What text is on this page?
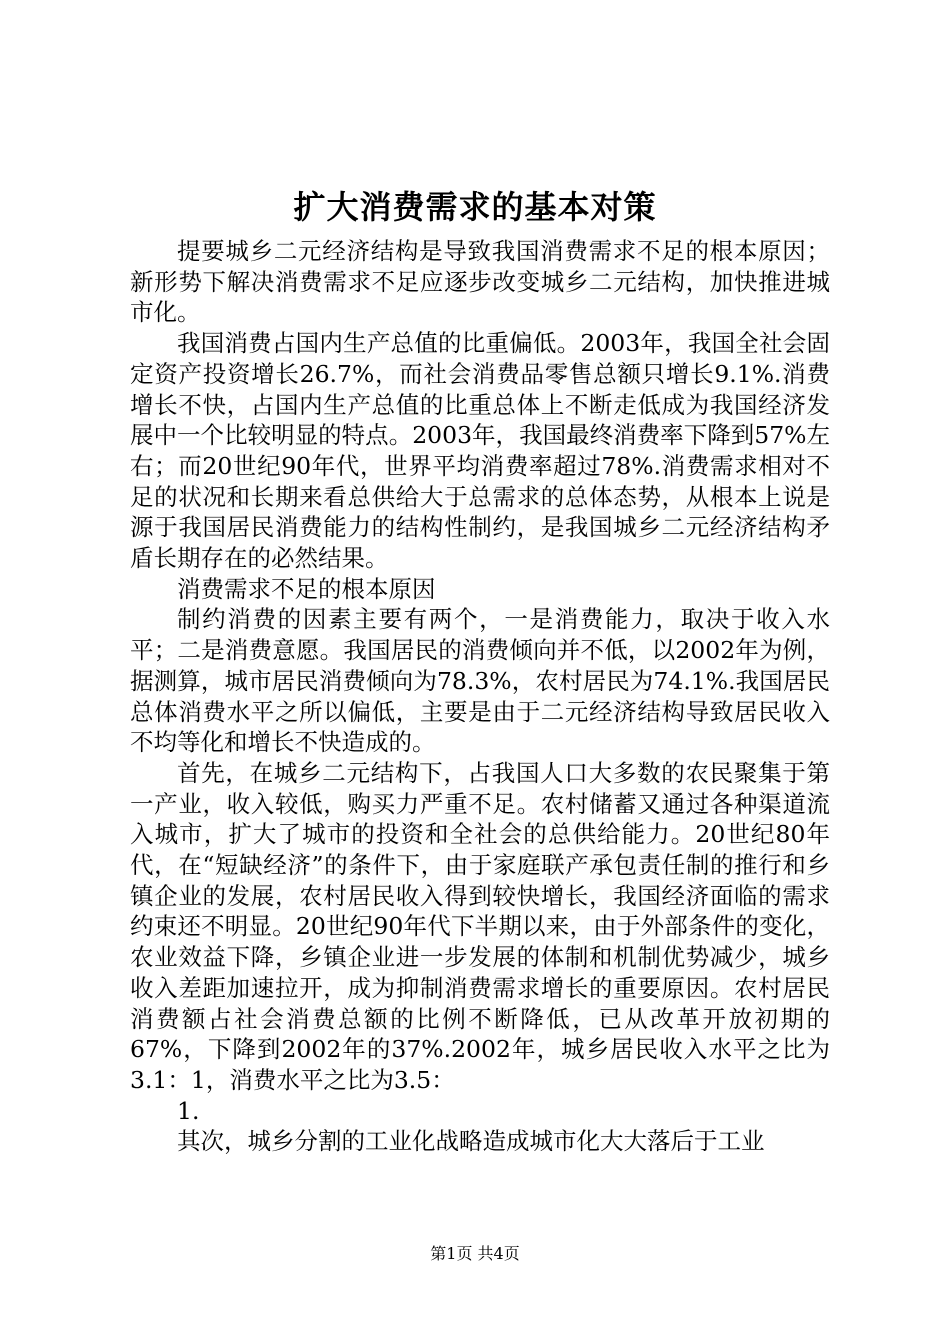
扩大消费需求的基本对策

提要城乡二元经济结构是导致我国消费需求不足的根本原因；新形势下解决消费需求不足应逐步改变城乡二元结构，加快推进城市化。

我国消费占国内生产总值的比重偏低。2003年，我国全社会固定资产投资增长26.7%，而社会消费品零售总额只增长9.1%.消费增长不快，占国内生产总值的比重总体上不断走低成为我国经济发展中一个比较明显的特点。2003年，我国最终消费率下降到57%左右；而20世纪90年代，世界平均消费率超过78%.消费需求相对不足的状况和长期来看总供给大于总需求的总体态势，从根本上说是源于我国居民消费能力的结构性制约，是我国城乡二元经济结构矛盾长期存在的必然结果。

消费需求不足的根本原因

制约消费的因素主要有两个，一是消费能力，取决于收入水平；二是消费意愿。我国居民的消费倾向并不低，以2002年为例，据测算，城市居民消费倾向为78.3%，农村居民为74.1%.我国居民总体消费水平之所以偏低，主要是由于二元经济结构导致居民收入不均等化和增长不快造成的。

首先，在城乡二元结构下，占我国人口大多数的农民聚集于第一产业，收入较低，购买力严重不足。农村储蓄又通过各种渠道流入城市，扩大了城市的投资和全社会的总供给能力。20世纪80年代，在“短缺经济”的条件下，由于家庭联产承包责任制的推行和乡镇企业的发展，农村居民收入得到较快增长，我国经济面临的需求约束还不明显。20世纪90年代下半期以来，由于外部条件的变化，农业效益下降，乡镇企业进一步发展的体制和机制优势减少，城乡收入差距加速拉开，成为抑制消费需求增长的重要原因。农村居民消费额占社会消费总额的比例不断降低，已从改革开放初期的67%，下降到2002年的37%.2002年，城乡居民收入水平之比为3.1：1，消费水平之比为3.5：

1.

其次，城乡分割的工业化战略造成城市化大大落后于工业

第1页 共4页
